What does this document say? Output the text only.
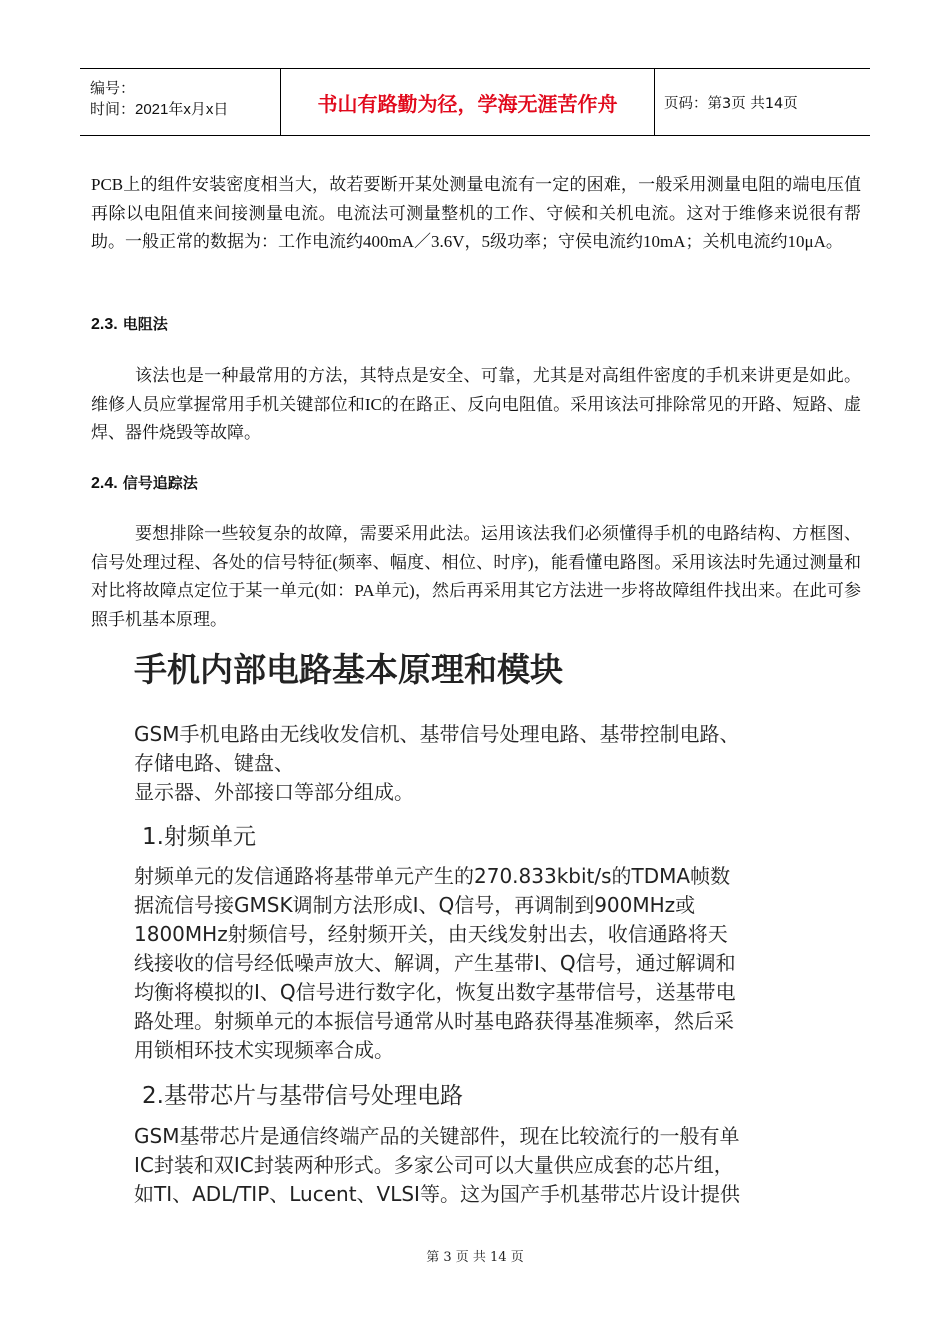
编号：
时间：2021年x月x日	书山有路勤为径，学海无涯苦作舟	页码：第3页 共14页
PCB上的组件安装密度相当大，故若要断开某处测量电流有一定的困难，一般采用测量电阻的端电压值再除以电阻值来间接测量电流。电流法可测量整机的工作、守候和关机电流。这对于维修来说很有帮助。一般正常的数据为：工作电流约400mA／3.6V，5级功率；守侯电流约10mA；关机电流约10μA。
2.3. 电阻法
该法也是一种最常用的方法，其特点是安全、可靠，尤其是对高组件密度的手机来讲更是如此。维修人员应掌握常用手机关键部位和IC的在路正、反向电阻值。采用该法可排除常见的开路、短路、虚焊、器件烧毁等故障。
2.4. 信号追踪法
要想排除一些较复杂的故障，需要采用此法。运用该法我们必须懂得手机的电路结构、方框图、信号处理过程、各处的信号特征(频率、幅度、相位、时序)，能看懂电路图。采用该法时先通过测量和对比将故障点定位于某一单元(如：PA单元)，然后再采用其它方法进一步将故障组件找出来。在此可参照手机基本原理。
手机内部电路基本原理和模块
GSM手机电路由无线收发信机、基带信号处理电路、基带控制电路、
存储电路、键盘、
显示器、外部接口等部分组成。
1.射频单元
射频单元的发信通路将基带单元产生的270.833kbit/s的TDMA帧数
据流信号接GMSK调制方法形成I、Q信号，再调制到900MHz或
1800MHz射频信号，经射频开关，由天线发射出去，收信通路将天
线接收的信号经低噪声放大、解调，产生基带I、Q信号，通过解调和
均衡将模拟的I、Q信号进行数字化，恢复出数字基带信号，送基带电
路处理。射频单元的本振信号通常从时基电路获得基准频率，然后采
用锁相环技术实现频率合成。
2.基带芯片与基带信号处理电路
GSM基带芯片是通信终端产品的关键部件，现在比较流行的一般有单
IC封装和双IC封装两种形式。多家公司可以大量供应成套的芯片组，
如TI、ADL/TIP、Lucent、VLSI等。这为国产手机基带芯片设计提供
第 3 页 共 14 页
